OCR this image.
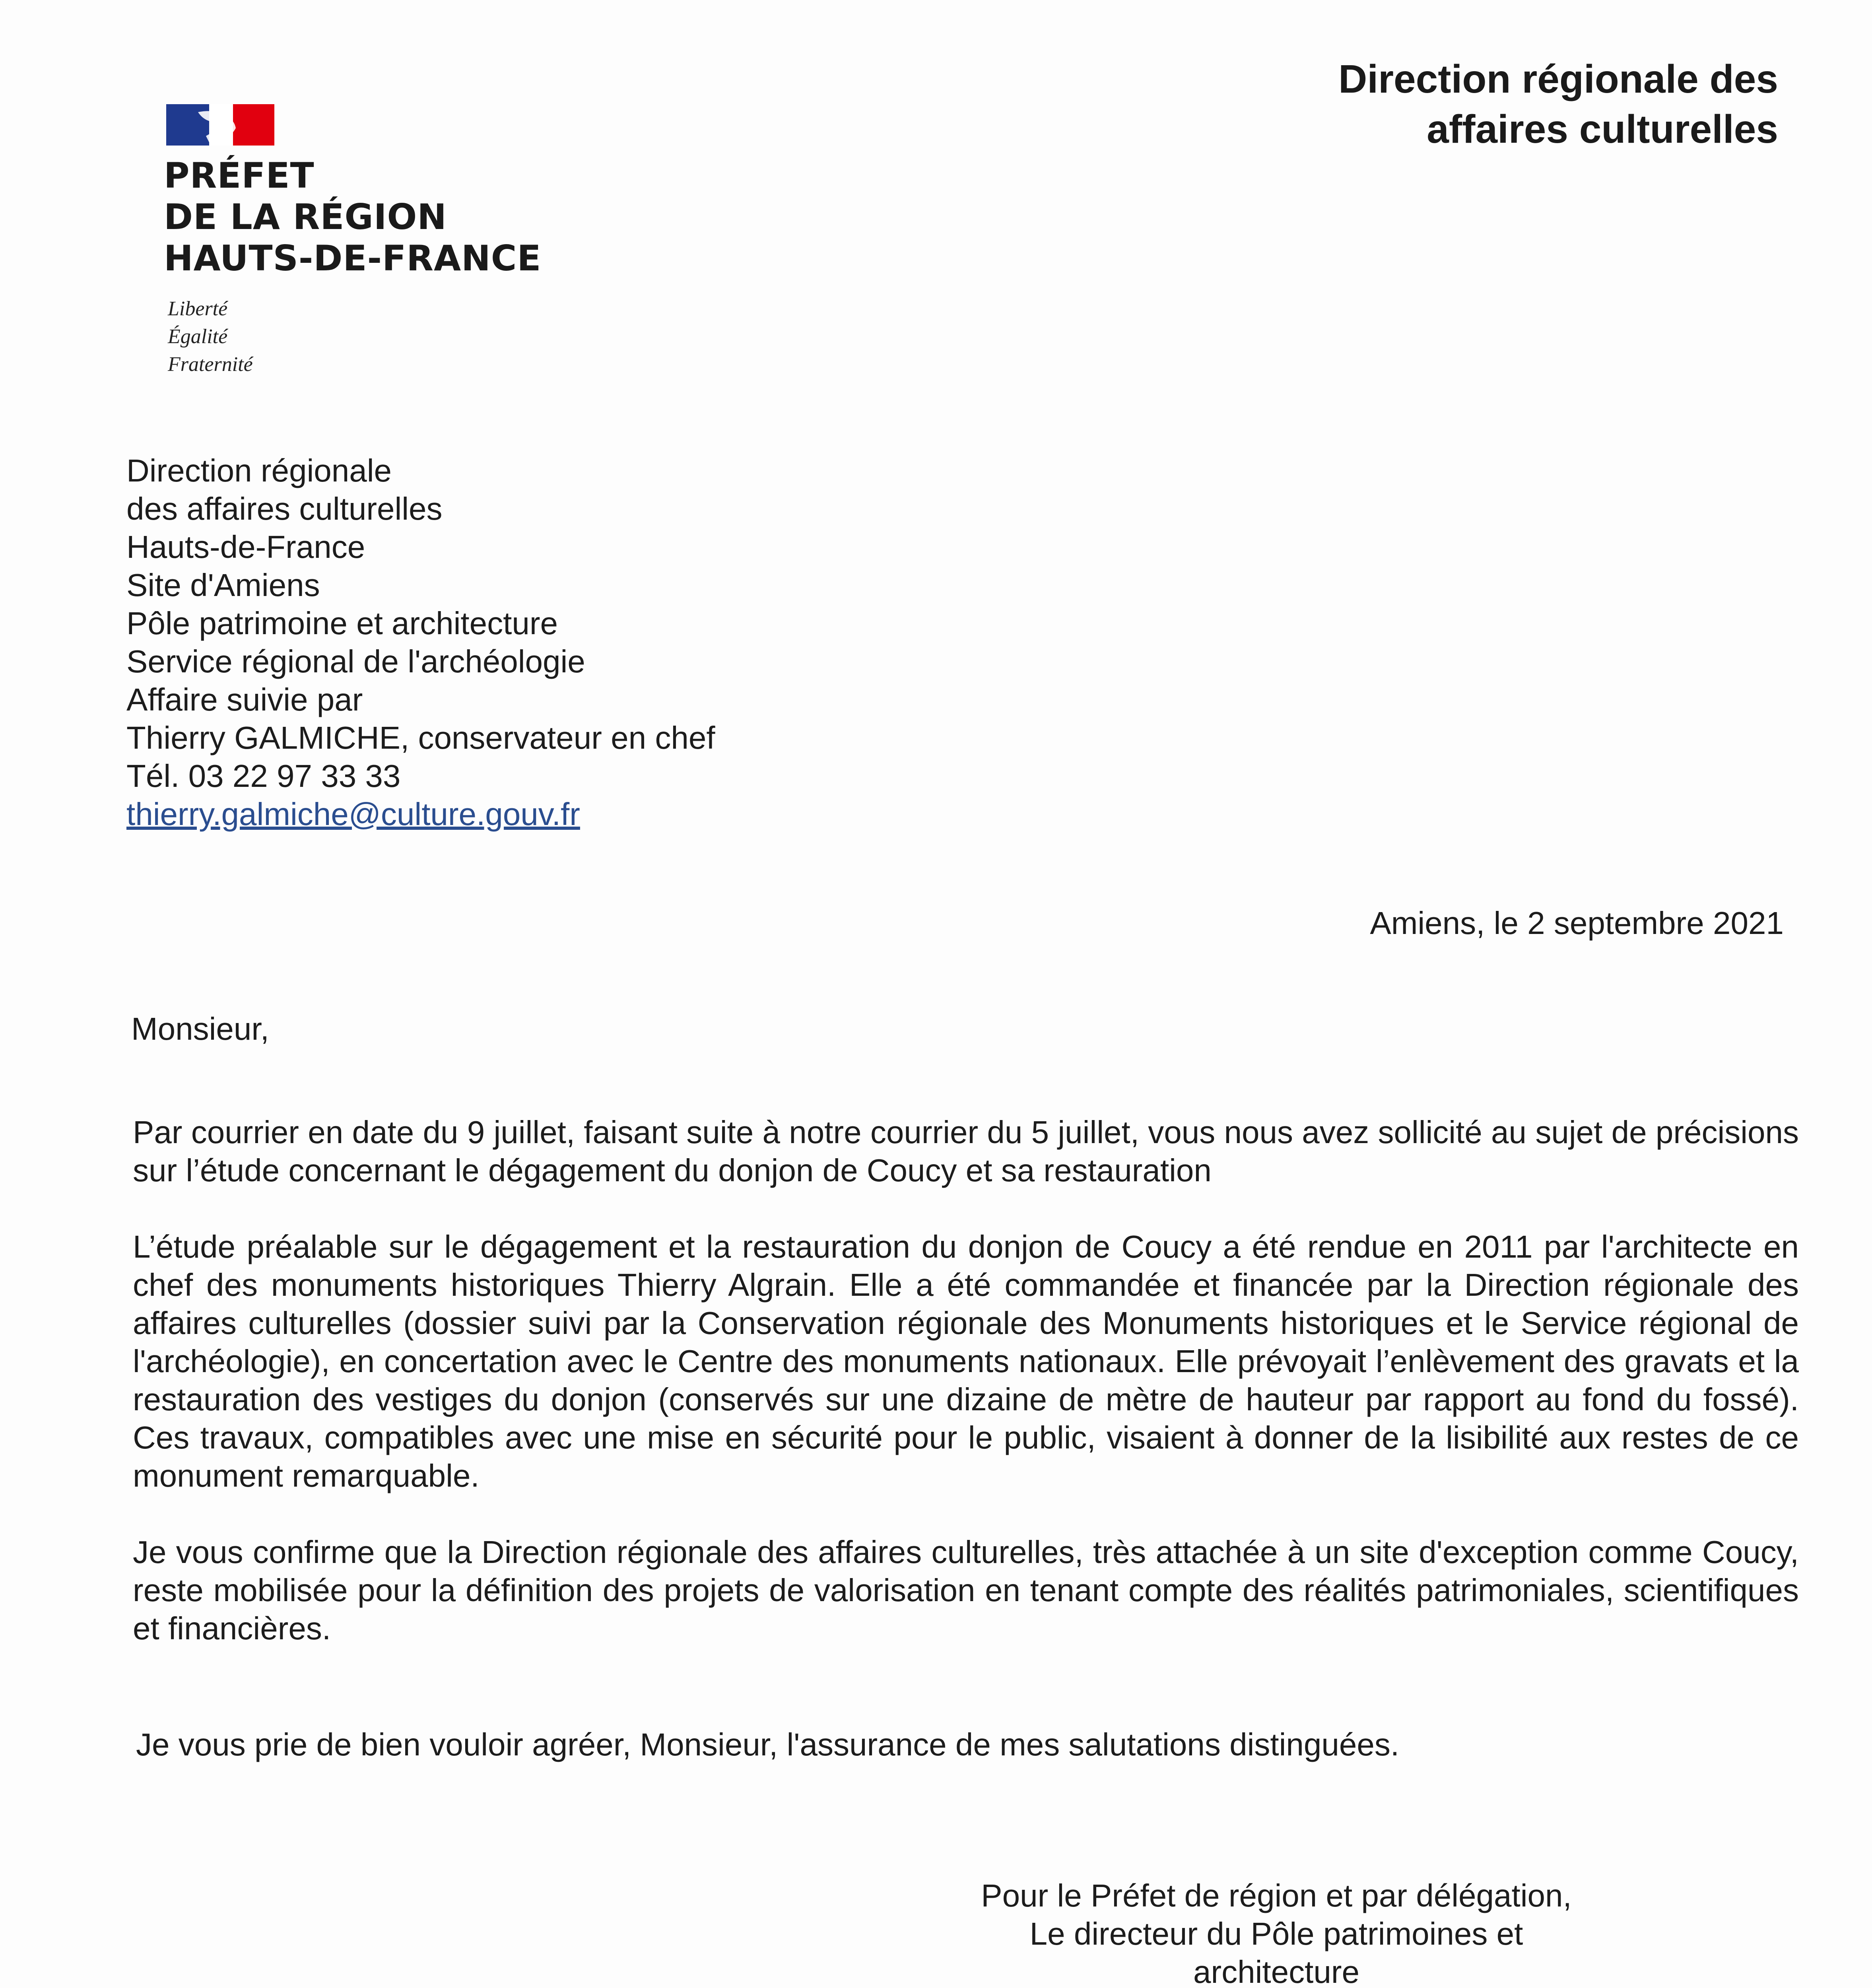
PRÉFET
DE LA RÉGION
HAUTS-DE-FRANCE
Liberté
Égalité
Fraternité
Direction régionale des
affaires culturelles
Direction régionale
des affaires culturelles
Hauts-de-France
Site d'Amiens
Pôle patrimoine et architecture
Service régional de l'archéologie
Affaire suivie par
Thierry GALMICHE, conservateur en chef
Tél. 03 22 97 33 33
thierry.galmiche@culture.gouv.fr
Amiens, le 2 septembre 2021
Monsieur,

Par courrier en date du 9 juillet, faisant suite à notre courrier du 5 juillet, vous nous avez sollicité au sujet de précisions sur l’étude concernant le dégagement du donjon de Coucy et sa restauration

L’étude préalable sur le dégagement et la restauration du donjon de Coucy a été rendue en 2011 par l'architecte en chef des monuments historiques Thierry Algrain. Elle a été commandée et financée par la Direction régionale des affaires culturelles (dossier suivi par la Conservation régionale des Monuments historiques et le Service régional de l'archéologie), en concertation avec le Centre des monuments nationaux. Elle prévoyait l’enlèvement des gravats et la restauration des vestiges du donjon (conservés sur une dizaine de mètre de hauteur par rapport au fond du fossé). Ces travaux, compatibles avec une mise en sécurité pour le public, visaient à donner de la lisibilité aux restes de ce monument remarquable.

Je vous confirme que la Direction régionale des affaires culturelles, très attachée à un site d'exception comme Coucy, reste mobilisée pour la définition des projets de valorisation en tenant compte des réalités patrimoniales, scientifiques et financières.

Je vous prie de bien vouloir agréer, Monsieur, l'assurance de mes salutations distinguées.
Pour le Préfet de région et par délégation,
Le directeur du Pôle patrimoines et
architecture
